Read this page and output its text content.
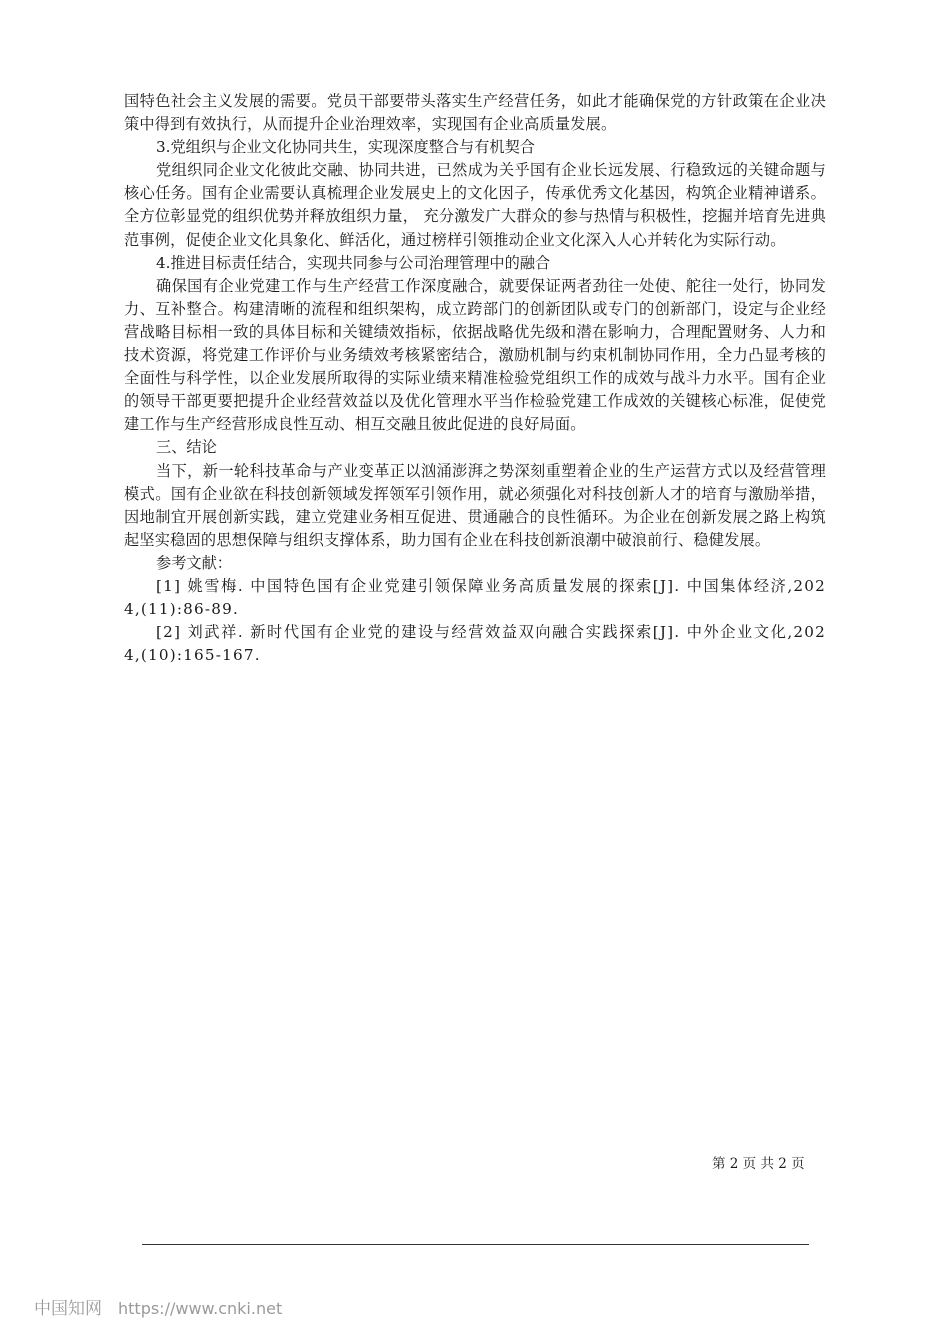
国特色社会主义发展的需要。党员干部要带头落实生产经营任务，如此才能确保党的方针政策在企业决策中得到有效执行，从而提升企业治理效率，实现国有企业高质量发展。

3.党组织与企业文化协同共生，实现深度整合与有机契合

党组织同企业文化彼此交融、协同共进，已然成为关乎国有企业长远发展、行稳致远的关键命题与核心任务。国有企业需要认真梳理企业发展史上的文化因子，传承优秀文化基因，构筑企业精神谱系。 全方位彰显党的组织优势并释放组织力量， 充分激发广大群众的参与热情与积极性，挖掘并培育先进典范事例，促使企业文化具象化、鲜活化，通过榜样引领推动企业文化深入人心并转化为实际行动。

4.推进目标责任结合，实现共同参与公司治理管理中的融合

确保国有企业党建工作与生产经营工作深度融合，就要保证两者劲往一处使、舵往一处行，协同发力、互补整合。构建清晰的流程和组织架构，成立跨部门的创新团队或专门的创新部门，设定与企业经营战略目标相一致的具体目标和关键绩效指标，依据战略优先级和潜在影响力，合理配置财务、人力和技术资源，将党建工作评价与业务绩效考核紧密结合，激励机制与约束机制协同作用，全力凸显考核的全面性与科学性，以企业发展所取得的实际业绩来精准检验党组织工作的成效与战斗力水平。国有企业的领导干部更要把提升企业经营效益以及优化管理水平当作检验党建工作成效的关键核心标准，促使党建工作与生产经营形成良性互动、相互交融且彼此促进的良好局面。

三、结论

当下，新一轮科技革命与产业变革正以汹涌澎湃之势深刻重塑着企业的生产运营方式以及经营管理模式。国有企业欲在科技创新领域发挥领军引领作用，就必须强化对科技创新人才的培育与激励举措，因地制宜开展创新实践，建立党建业务相互促进、贯通融合的良性循环。为企业在创新发展之路上构筑起坚实稳固的思想保障与组织支撑体系，助力国有企业在科技创新浪潮中破浪前行、稳健发展。

参考文献：

[1] 姚雪梅. 中国特色国有企业党建引领保障业务高质量发展的探索[J]. 中国集体经济,2024,(11):86-89.

[2] 刘武祥. 新时代国有企业党的建设与经营效益双向融合实践探索[J]. 中外企业文化,2024,(10):165-167.

第 2 页 共 2 页
中国知网 https://www.cnki.net
